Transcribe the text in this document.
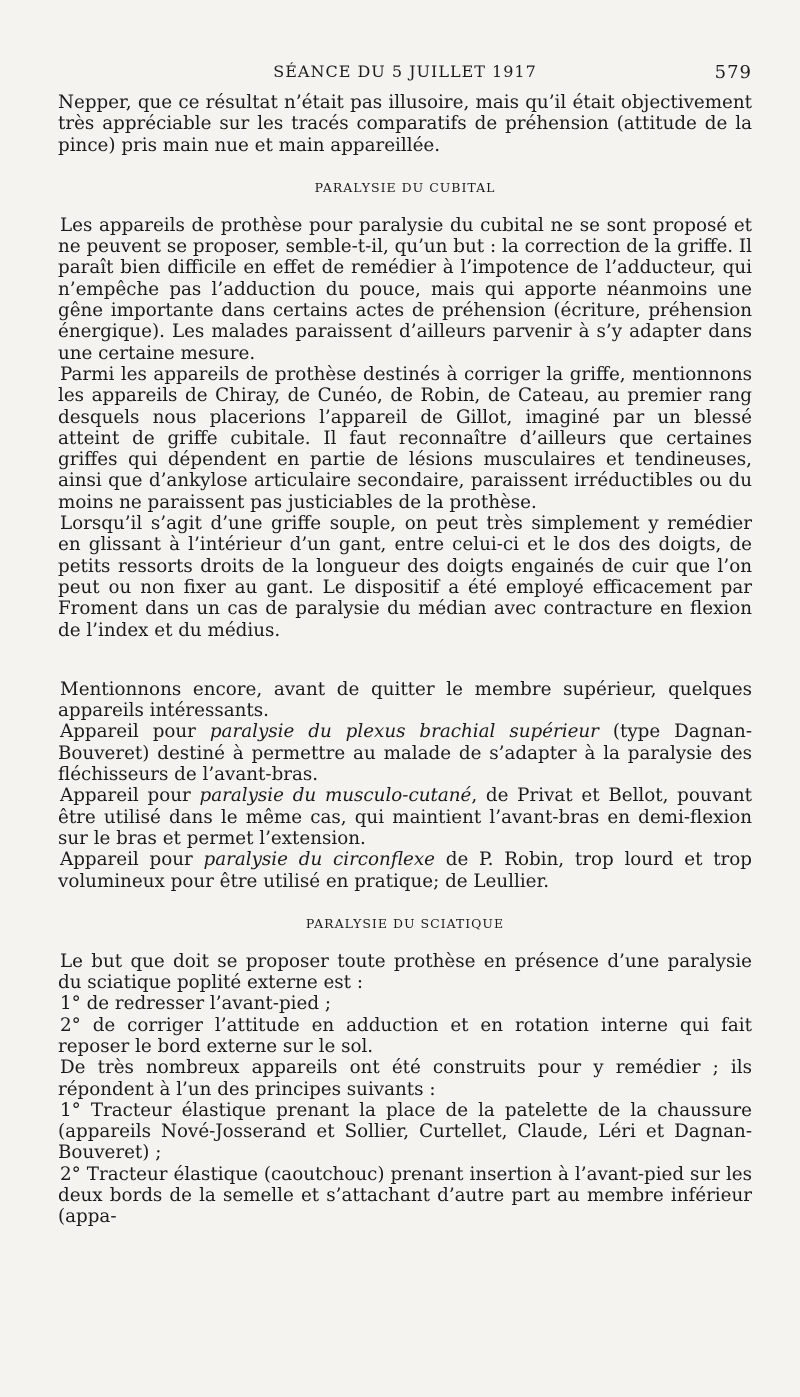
SÉANCE DU 5 JUILLET 1917	579

Nepper, que ce résultat n’était pas illusoire, mais qu’il était objectivement très appréciable sur les tracés comparatifs de préhension (attitude de la pince) pris main nue et main appareillée.

PARALYSIE DU CUBITAL

Les appareils de prothèse pour paralysie du cubital ne se sont proposé et ne peuvent se proposer, semble-t-il, qu’un but : la correction de la griffe. Il paraît bien difficile en effet de remédier à l’impotence de l’adducteur, qui n’empêche pas l’adduction du pouce, mais qui apporte néanmoins une gêne importante dans certains actes de préhension (écriture, préhension énergique). Les malades paraissent d’ailleurs parvenir à s’y adapter dans une certaine mesure.

Parmi les appareils de prothèse destinés à corriger la griffe, mentionnons les appareils de Chiray, de Cunéo, de Robin, de Cateau, au premier rang desquels nous placerions l’appareil de Gillot, imaginé par un blessé atteint de griffe cubitale. Il faut reconnaître d’ailleurs que certaines griffes qui dépendent en partie de lésions musculaires et tendineuses, ainsi que d’ankylose articulaire secondaire, paraissent irréductibles ou du moins ne paraissent pas justiciables de la prothèse.

Lorsqu’il s’agit d’une griffe souple, on peut très simplement y remédier en glissant à l’intérieur d’un gant, entre celui-ci et le dos des doigts, de petits ressorts droits de la longueur des doigts engainés de cuir que l’on peut ou non fixer au gant. Le dispositif a été employé efficacement par Froment dans un cas de paralysie du médian avec contracture en flexion de l’index et du médius.

Mentionnons encore, avant de quitter le membre supérieur, quelques appareils intéressants.

Appareil pour paralysie du plexus brachial supérieur (type Dagnan-Bouveret) destiné à permettre au malade de s’adapter à la paralysie des fléchisseurs de l’avant-bras.

Appareil pour paralysie du musculo-cutané, de Privat et Bellot, pouvant être utilisé dans le même cas, qui maintient l’avant-bras en demi-flexion sur le bras et permet l’extension.

Appareil pour paralysie du circonflexe de P. Robin, trop lourd et trop volumineux pour être utilisé en pratique; de Leullier.

PARALYSIE DU SCIATIQUE

Le but que doit se proposer toute prothèse en présence d’une paralysie du sciatique poplité externe est :

1° de redresser l’avant-pied ;

2° de corriger l’attitude en adduction et en rotation interne qui fait reposer le bord externe sur le sol.

De très nombreux appareils ont été construits pour y remédier ; ils répondent à l’un des principes suivants :

1° Tracteur élastique prenant la place de la patelette de la chaussure (appareils Nové-Josserand et Sollier, Curtellet, Claude, Léri et Dagnan-Bouveret) ;

2° Tracteur élastique (caoutchouc) prenant insertion à l’avant-pied sur les deux bords de la semelle et s’attachant d’autre part au membre inférieur (appa-
